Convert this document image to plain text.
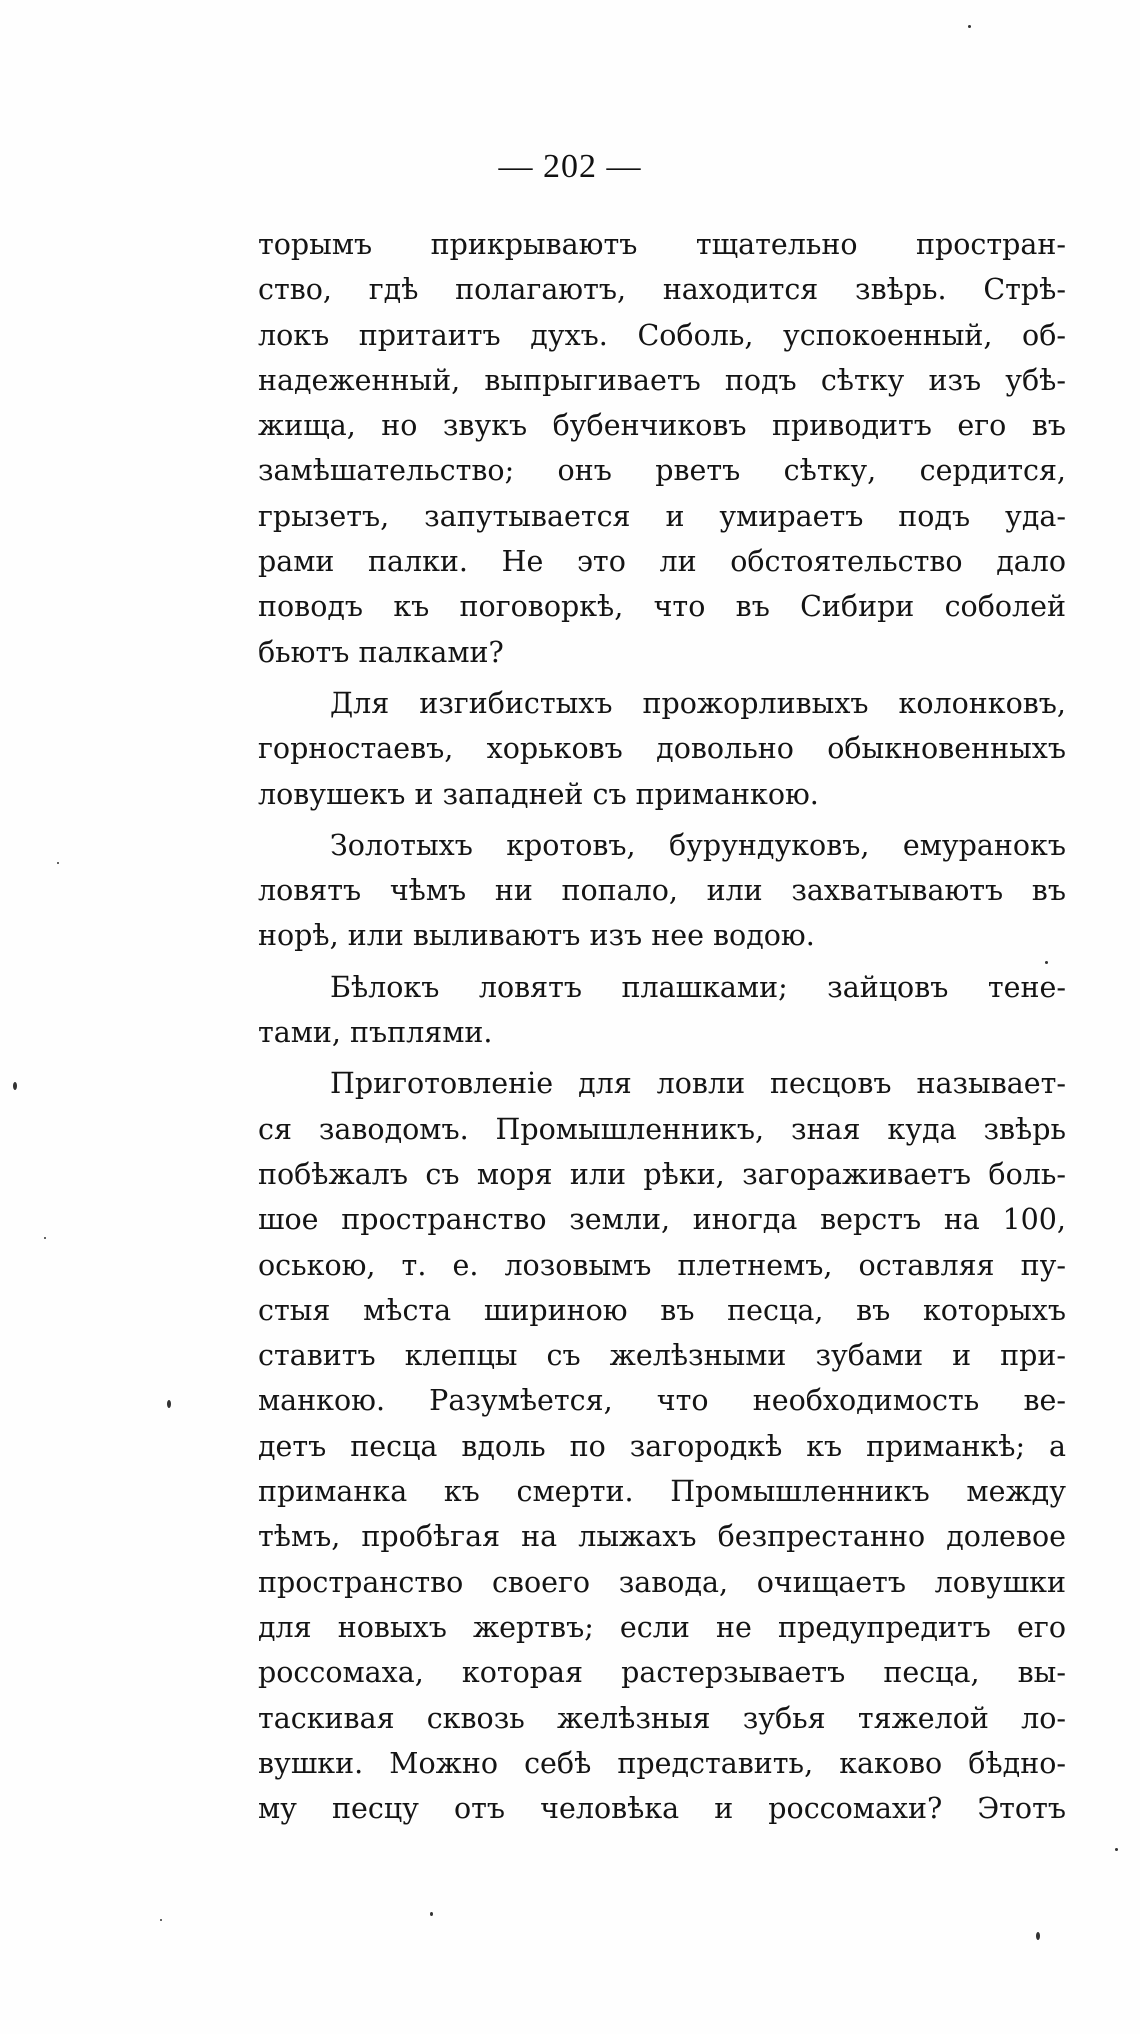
— 202 —
торымъ прикрываютъ тщательно простран-
ство, гдѣ полагаютъ, находится звѣрь. Стрѣ-
локъ притаитъ духъ. Соболь, успокоенный, об-
надеженный, выпрыгиваетъ подъ сѣтку изъ убѣ-
жища, но звукъ бубенчиковъ приводитъ его въ
замѣшательство; онъ рветъ сѣтку, сердится,
грызетъ, запутывается и умираетъ подъ уда-
рами палки. Не это ли обстоятельство дало
поводъ къ поговоркѣ, что въ Сибири соболей
бьютъ палками?
Для изгибистыхъ прожорливыхъ колонковъ,
горностаевъ, хорьковъ довольно обыкновенныхъ
ловушекъ и западней съ приманкою.
Золотыхъ кротовъ, бурундуковъ, емуранокъ
ловятъ чѣмъ ни попало, или захватываютъ въ
норѣ, или выливаютъ изъ нее водою.
Бѣлокъ ловятъ плашками; зайцовъ тене-
тами, пъплями.
Приготовленіе для ловли песцовъ называет-
ся заводомъ. Промышленникъ, зная куда звѣрь
побѣжалъ съ моря или рѣки, загораживаетъ боль-
шое пространство земли, иногда верстъ на 100,
оською, т. е. лозовымъ плетнемъ, оставляя пу-
стыя мѣста шириною въ песца, въ которыхъ
ставитъ клепцы съ желѣзными зубами и при-
манкою. Разумѣется, что необходимость ве-
детъ песца вдоль по загородкѣ къ приманкѣ; а
приманка къ смерти. Промышленникъ между
тѣмъ, пробѣгая на лыжахъ безпрестанно долевое
пространство своего завода, очищаетъ ловушки
для новыхъ жертвъ; если не предупредитъ его
россомаха, которая растерзываетъ песца, вы-
таскивая сквозь желѣзныя зубья тяжелой ло-
вушки. Можно себѣ представить, каково бѣдно-
му песцу отъ человѣка и россомахи? Этотъ
